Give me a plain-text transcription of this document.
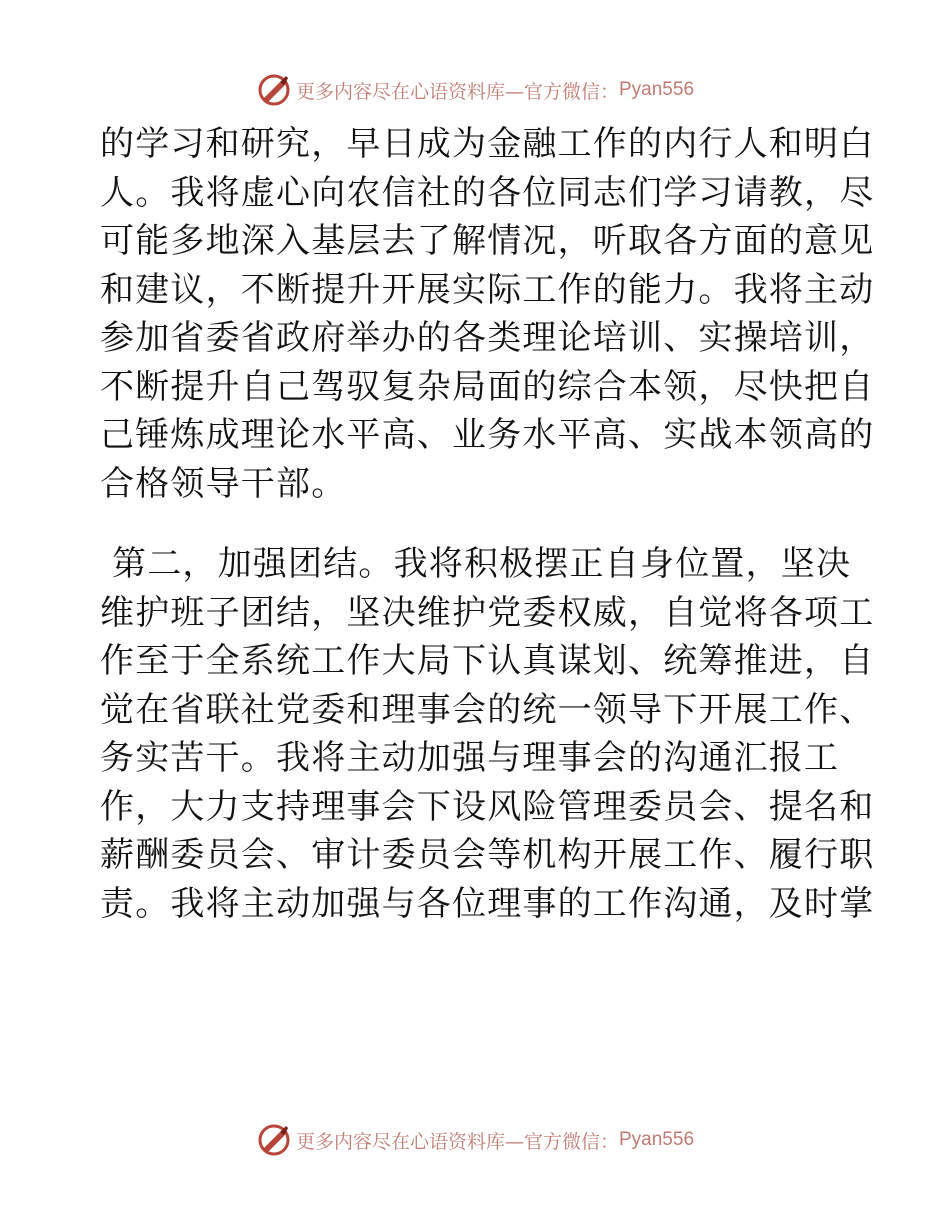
更多内容尽在心语资料库—官方微信： Pyan556
的学习和研究，早日成为金融工作的内行人和明白
人。我将虚心向农信社的各位同志们学习请教，尽
可能多地深入基层去了解情况，听取各方面的意见
和建议，不断提升开展实际工作的能力。我将主动
参加省委省政府举办的各类理论培训、实操培训，
不断提升自己驾驭复杂局面的综合本领，尽快把自
己锤炼成理论水平高、业务水平高、实战本领高的
合格领导干部。
第二，加强团结。我将积极摆正自身位置，坚决
维护班子团结，坚决维护党委权威，自觉将各项工
作至于全系统工作大局下认真谋划、统筹推进，自
觉在省联社党委和理事会的统一领导下开展工作、
务实苦干。我将主动加强与理事会的沟通汇报工
作，大力支持理事会下设风险管理委员会、提名和
薪酬委员会、审计委员会等机构开展工作、履行职
责。我将主动加强与各位理事的工作沟通，及时掌
更多内容尽在心语资料库—官方微信： Pyan556
